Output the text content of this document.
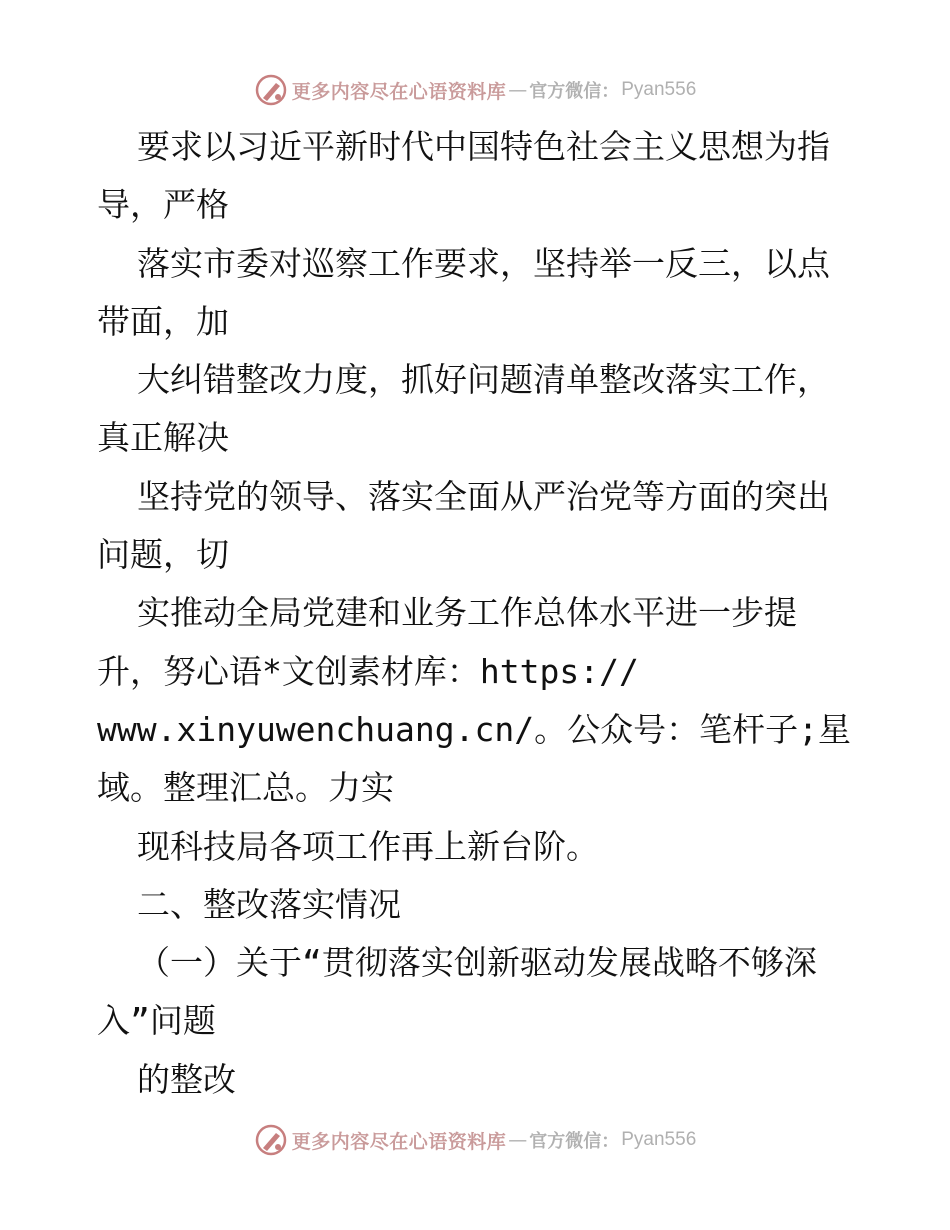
更多内容尽在心语资料库 — 官方微信： Pyan556
要求以习近平新时代中国特色社会主义思想为指
导，严格
落实市委对巡察工作要求，坚持举一反三，以点
带面，加
大纠错整改力度，抓好问题清单整改落实工作，
真正解决
坚持党的领导、落实全面从严治党等方面的突出
问题，切
实推动全局党建和业务工作总体水平进一步提
升，努心语*文创素材库：https://
www.xinyuwenchuang.cn/。公众号：笔杆子;星
域。整理汇总。力实
现科技局各项工作再上新台阶。
二、整改落实情况
（一）关于“贯彻落实创新驱动发展战略不够深
入”问题
的整改
更多内容尽在心语资料库 — 官方微信： Pyan556
